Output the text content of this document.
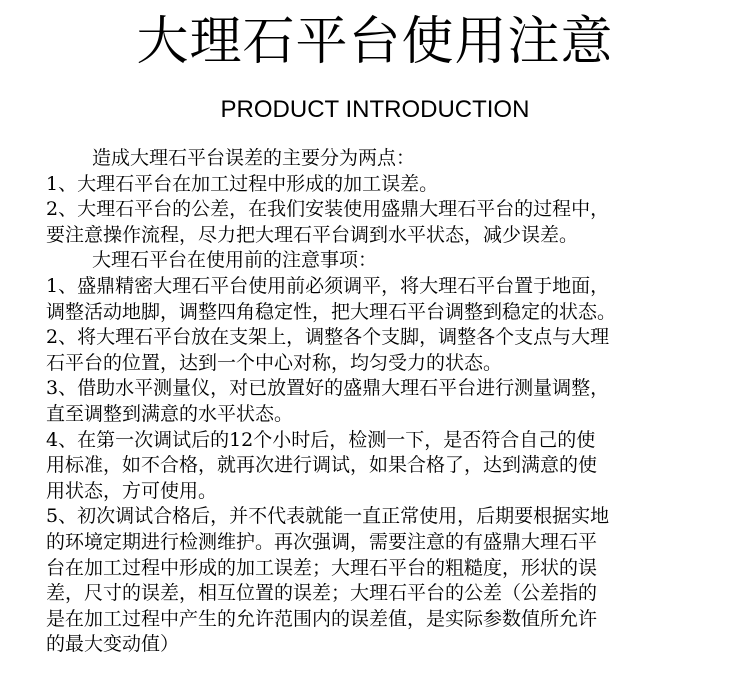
大理石平台使用注意
PRODUCT INTRODUCTION
造成大理石平台误差的主要分为两点：
1、大理石平台在加工过程中形成的加工误差。
2、大理石平台的公差，在我们安装使用盛鼎大理石平台的过程中，
要注意操作流程，尽力把大理石平台调到水平状态，减少误差。
大理石平台在使用前的注意事项：
1、盛鼎精密大理石平台使用前必须调平，将大理石平台置于地面，
调整活动地脚，调整四角稳定性，把大理石平台调整到稳定的状态。
2、将大理石平台放在支架上，调整各个支脚，调整各个支点与大理
石平台的位置，达到一个中心对称，均匀受力的状态。
3、借助水平测量仪，对已放置好的盛鼎大理石平台进行测量调整，
直至调整到满意的水平状态。
4、在第一次调试后的12个小时后，检测一下，是否符合自己的使
用标准，如不合格，就再次进行调试，如果合格了，达到满意的使
用状态，方可使用。
5、初次调试合格后，并不代表就能一直正常使用，后期要根据实地
的环境定期进行检测维护。再次强调，需要注意的有盛鼎大理石平
台在加工过程中形成的加工误差；大理石平台的粗糙度，形状的误
差，尺寸的误差，相互位置的误差；大理石平台的公差（公差指的
是在加工过程中产生的允许范围内的误差值，是实际参数值所允许
的最大变动值）
